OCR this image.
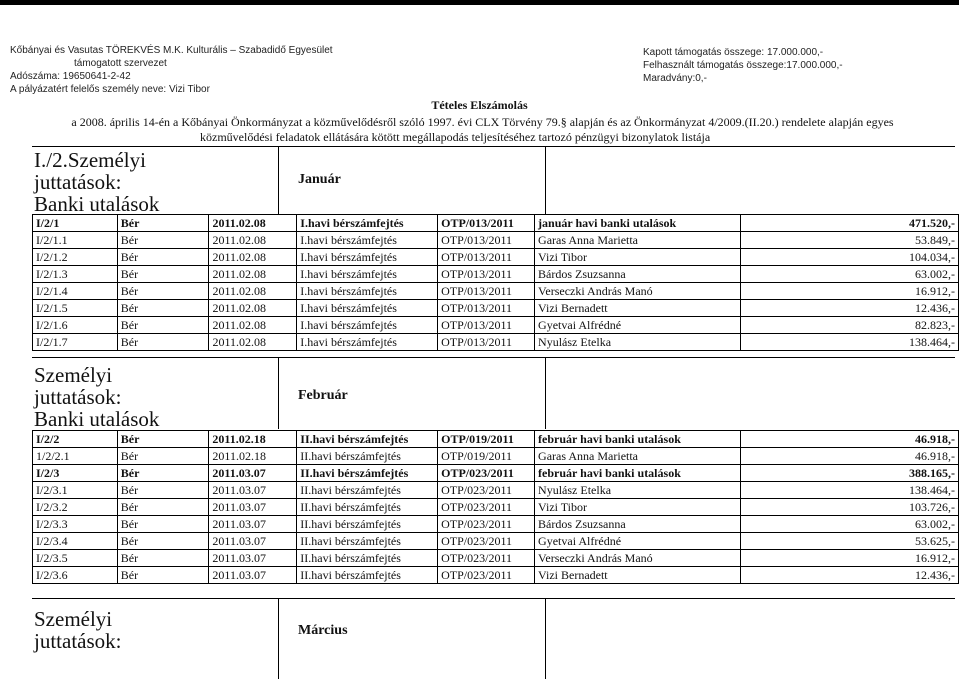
Kőbányai és Vasutas TÖREKVÉS M.K. Kulturális – Szabadidő Egyesület
támogatott szervezet
Adószáma: 19650641-2-42
A pályázatért felelős személy neve: Vizi Tibor
Kapott támogatás összege: 17.000.000,-
Felhasznált támogatás összege:17.000.000,-
Maradvány:0,-
Tételes Elszámolás
a 2008. április 14-én a Kőbányai Önkormányzat a közművelődésről szóló 1997. évi CLX Törvény 79.§ alapján és az Önkormányzat 4/2009.(II.20.) rendelete alapján egyes
közművelődési feladatok ellátására kötött megállapodás teljesítéséhez tartozó pénzügyi bizonylatok listája
I./2.Személyi
juttatások:
Banki utalások
Január
I/2/1	Bér	2011.02.08	I.havi bérszámfejtés	OTP/013/2011	január havi banki utalások	471.520,-
I/2/1.1	Bér	2011.02.08	I.havi bérszámfejtés	OTP/013/2011	Garas Anna Marietta	53.849,-
I/2/1.2	Bér	2011.02.08	I.havi bérszámfejtés	OTP/013/2011	Vizi Tibor	104.034,-
I/2/1.3	Bér	2011.02.08	I.havi bérszámfejtés	OTP/013/2011	Bárdos Zsuzsanna	63.002,-
I/2/1.4	Bér	2011.02.08	I.havi bérszámfejtés	OTP/013/2011	Verseczki András Manó	16.912,-
I/2/1.5	Bér	2011.02.08	I.havi bérszámfejtés	OTP/013/2011	Vizi Bernadett	12.436,-
I/2/1.6	Bér	2011.02.08	I.havi bérszámfejtés	OTP/013/2011	Gyetvai Alfrédné	82.823,-
I/2/1.7	Bér	2011.02.08	I.havi bérszámfejtés	OTP/013/2011	Nyulász Etelka	138.464,-
Személyi
juttatások:
Banki utalások
Február
I/2/2	Bér	2011.02.18	II.havi bérszámfejtés	OTP/019/2011	február havi banki utalások	46.918,-
1/2/2.1	Bér	2011.02.18	II.havi bérszámfejtés	OTP/019/2011	Garas Anna Marietta	46.918,-
I/2/3	Bér	2011.03.07	II.havi bérszámfejtés	OTP/023/2011	február havi banki utalások	388.165,-
I/2/3.1	Bér	2011.03.07	II.havi bérszámfejtés	OTP/023/2011	Nyulász Etelka	138.464,-
I/2/3.2	Bér	2011.03.07	II.havi bérszámfejtés	OTP/023/2011	Vizi Tibor	103.726,-
I/2/3.3	Bér	2011.03.07	II.havi bérszámfejtés	OTP/023/2011	Bárdos Zsuzsanna	63.002,-
I/2/3.4	Bér	2011.03.07	II.havi bérszámfejtés	OTP/023/2011	Gyetvai Alfrédné	53.625,-
I/2/3.5	Bér	2011.03.07	II.havi bérszámfejtés	OTP/023/2011	Verseczki András Manó	16.912,-
I/2/3.6	Bér	2011.03.07	II.havi bérszámfejtés	OTP/023/2011	Vizi Bernadett	12.436,-
Személyi
juttatások:	Március
